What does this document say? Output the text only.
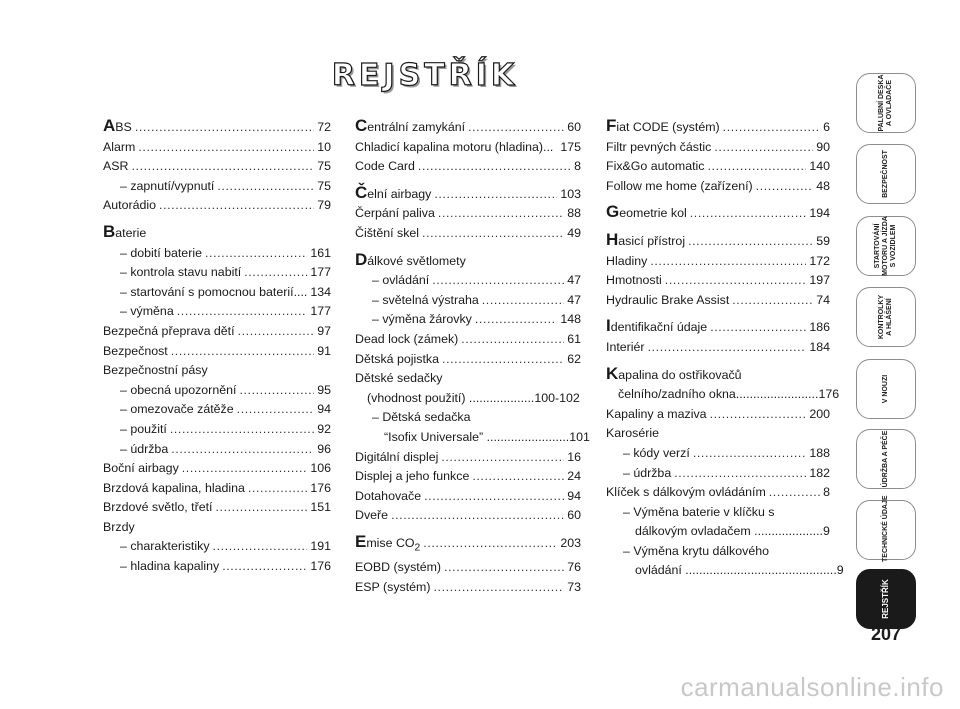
REJSTŘÍK
ABS .....	72
Alarm .....	10
ASR .....	75
– zapnutí/vypnutí .....	75
Autorádio .....	79
Baterie
– dobití baterie .....	161
– kontrola stavu nabití .....	177
– startování s pomocnou baterií.... 134
– výměna .....	177
Bezpečná přeprava dětí .....	97
Bezpečnost .....	91
Bezpečnostní pásy
– obecná upozornění .....	95
– omezovače zátěže .....	94
– použití .....	92
– údržba .....	96
Boční airbagy .....	106
Brzdová kapalina, hladina .....	176
Brzdové světlo, třetí .....	151
Brzdy
– charakteristiky .....	191
– hladina kapaliny .....	176
Centrální zamykání .....	60
Chladicí kapalina motoru (hladina)... 175
Code Card .....	8
Čelní airbagy .....	103
Čerpání paliva .....	88
Čištění skel .....	49
Dálkové světlomety
– ovládání .....	47
– světelná výstraha .....	47
– výměna žárovky .....	148
Dead lock (zámek) .....	61
Dětská pojistka .....	62
Dětské sedačky
(vhodnost použití) ................... 100-102
– Dětská sedačka
“Isofix Universale” ........................ 101
Digitální displej .....	16
Displej a jeho funkce .....	24
Dotahovače .....	94
Dveře .....	60
Emise $CO_2$ .....	203
EOBD (systém) .....	76
ESP (systém) .....	73
Fiat CODE (systém) .....	6
Filtr pevných částic .....	90
Fix&Go automatic .....	140
Follow me home (zařízení) .....	48
Geometrie kol .....	194
Hasicí přístroj .....	59
Hladiny .....	172
Hmotnosti .....	197
Hydraulic Brake Assist .....	74
Identifikační údaje .....	186
Interiér .....	184
Kapalina do ostřikovačů
čelního/zadního okna........................ 176
Kapaliny a maziva .....	200
Karosérie
– kódy verzí .....	188
– údržba .....	182
Klíček s dálkovým ovládáním .....	8
– Výměna baterie v klíčku s
dálkovým ovladačem .................... 9
– Výměna krytu dálkového
ovládání ............................................ 9
PALUBNÍ DESKA A OVLADAČE
BEZPEČNOST
STARTOVÁNÍ MOTORU A JÍZDA S VOZIDLEM
KONTROLKY A HLÁŠENÍ
V NOUZI
ÚDRŽBA A PÉČE
TECHNICKÉ ÚDAJE
REJSTŘÍK
207
carmanualsonline.info
